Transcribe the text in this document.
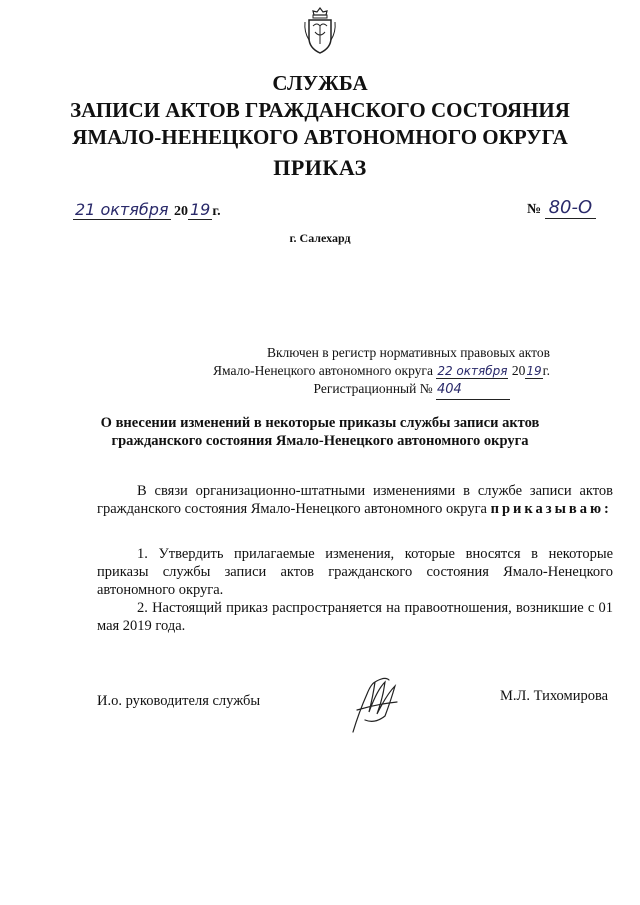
СЛУЖБА
ЗАПИСИ АКТОВ ГРАЖДАНСКОГО СОСТОЯНИЯ
ЯМАЛО-НЕНЕЦКОГО АВТОНОМНОГО ОКРУГА
ПРИКАЗ
21 октября 20 19 г.	№ 80-О
г. Салехард
Включен в регистр нормативных правовых актов
Ямало-Ненецкого автономного округа 22 октября 2019г.
Регистрационный № 404
О внесении изменений в некоторые приказы службы записи актов
гражданского состояния Ямало-Ненецкого автономного округа
В связи организационно-штатными изменениями в службе записи актов гражданского состояния Ямало-Ненецкого автономного округа приказываю:
1. Утвердить прилагаемые изменения, которые вносятся в некоторые приказы службы записи актов гражданского состояния Ямало-Ненецкого автономного округа.
2. Настоящий приказ распространяется на правоотношения, возникшие с 01 мая 2019 года.
И.о. руководителя службы	М.Л. Тихомирова
